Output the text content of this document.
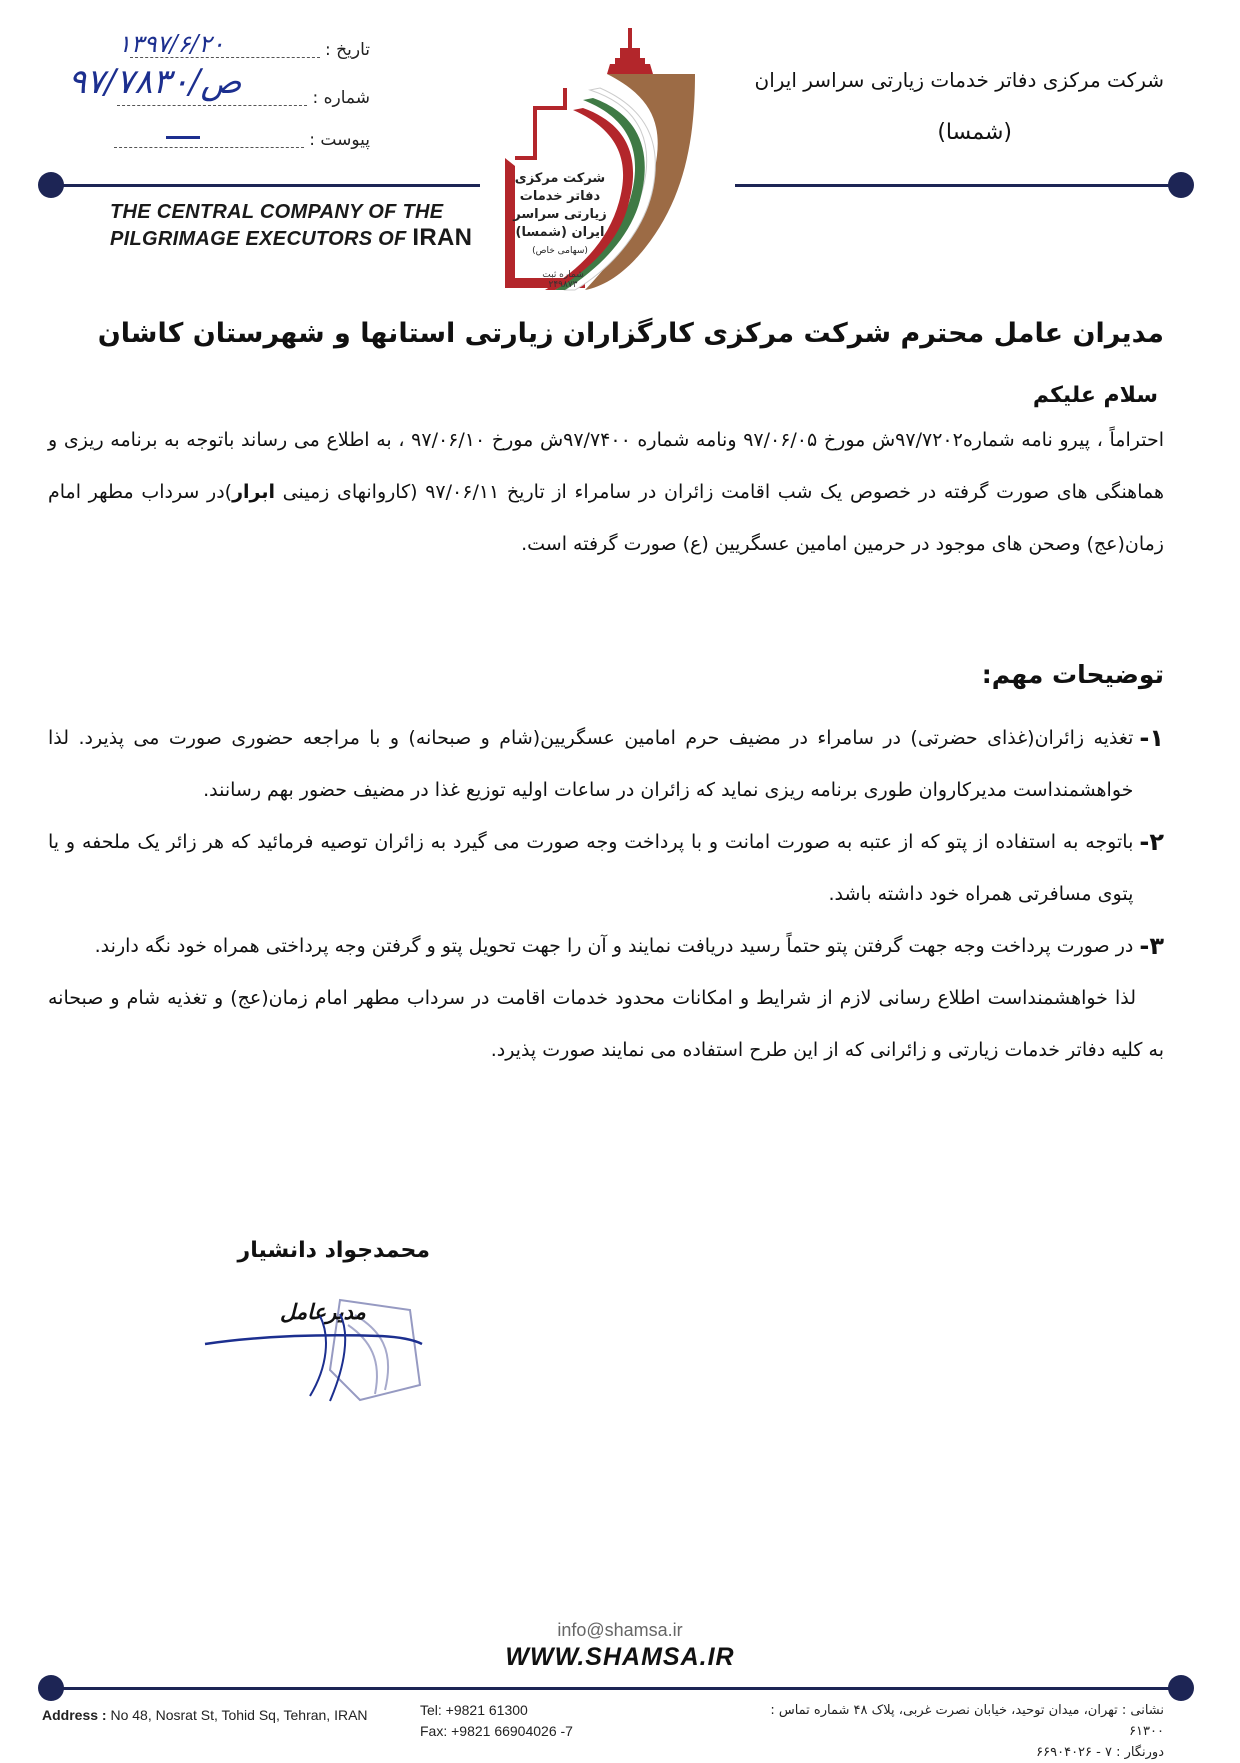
شرکت مرکزی دفاتر خدمات زیارتی سراسر ایران
(شمسا)
تاریخ :
۱۳۹۷/۶/۲۰
شماره :
ص/۹۷/۷۸۳۰
پیوست :
THE CENTRAL COMPANY OF THE
PILGRIMAGE EXECUTORS OF IRAN
شرکت مرکزی
دفاتر خدمات
زیارتی سراسر
ایران (شمسا)
(سهامی خاص)
شماره ثبت
۲۴۹۸۷۳
مدیران عامل محترم شرکت مرکزی کارگزاران زیارتی استانها و شهرستان کاشان
سلام علیکم
احتراماً ، پیرو نامه شماره۹۷/۷۲۰۲ش مورخ ۹۷/۰۶/۰۵ ونامه شماره ۹۷/۷۴۰۰ش مورخ ۹۷/۰۶/۱۰ ، به اطلاع می رساند باتوجه به برنامه ریزی و هماهنگی های صورت گرفته در خصوص یک شب اقامت زائران در سامراء از تاریخ ۹۷/۰۶/۱۱ (کاروانهای زمینی ابرار)در سرداب مطهر امام زمان(عج) وصحن های موجود در حرمین امامین عسگریین (ع) صورت گرفته است.
توضیحات مهم:
۱-
تغذیه زائران(غذای حضرتی) در سامراء در مضیف حرم امامین عسگریین(شام و صبحانه) و با مراجعه حضوری صورت می پذیرد. لذا خواهشمنداست مدیرکاروان طوری برنامه ریزی نماید که زائران در ساعات اولیه توزیع غذا در مضیف حضور بهم رسانند.
۲-
باتوجه به استفاده از پتو که از عتبه به صورت امانت و با پرداخت وجه صورت می گیرد به زائران توصیه فرمائید که هر زائر یک ملحفه و یا پتوی مسافرتی همراه خود داشته باشد.
۳-
در صورت پرداخت وجه جهت گرفتن پتو حتماً رسید دریافت نمایند و آن را جهت تحویل پتو و گرفتن وجه پرداختی همراه خود نگه دارند.
لذا خواهشمنداست اطلاع رسانی لازم از شرایط و امکانات محدود خدمات اقامت در سرداب مطهر امام زمان(عج) و تغذیه شام و صبحانه به کلیه دفاتر خدمات زیارتی و زائرانی که از این طرح استفاده می نمایند صورت پذیرد.
محمدجواد دانشیار
مدیرعامل
info@shamsa.ir
WWW.SHAMSA.IR
Address : No 48, Nosrat St, Tohid Sq, Tehran, IRAN	Tel: +9821 61300
Fax: +9821 66904026 -7
نشانی : تهران، میدان توحید، خیابان نصرت غربی، پلاک ۴۸ شماره تماس : ۶۱۳۰۰
دورنگار : ۷ - ۶۶۹۰۴۰۲۶
